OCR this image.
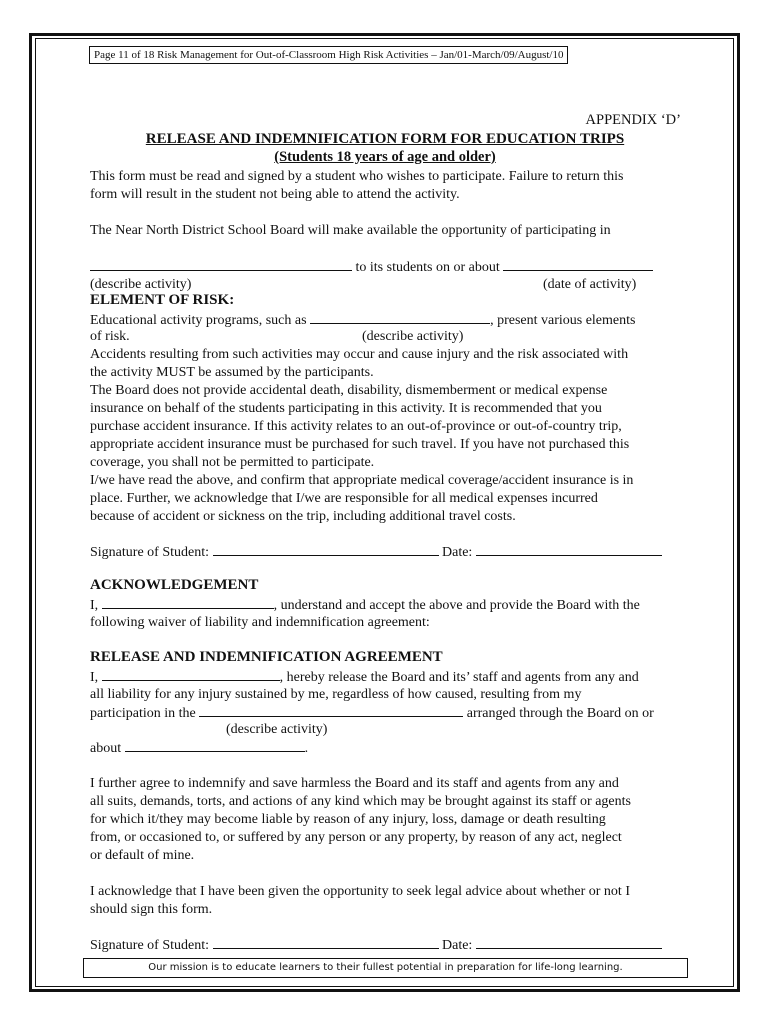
Page 11 of 18 Risk Management for Out-of-Classroom High Risk Activities – Jan/01-March/09/August/10
APPENDIX ‘D’
RELEASE AND INDEMNIFICATION FORM FOR EDUCATION TRIPS
(Students 18 years of age and older)
This form must be read and signed by a student who wishes to participate. Failure to return this
form will result in the student not being able to attend the activity.
The Near North District School Board will make available the opportunity of participating in
to its students on or about
(describe activity)	(date of activity)
ELEMENT OF RISK:
Educational activity programs, such as	, present various elements
of risk.	(describe activity)
Accidents resulting from such activities may occur and cause injury and the risk associated with
the activity MUST be assumed by the participants.
The Board does not provide accidental death, disability, dismemberment or medical expense
insurance on behalf of the students participating in this activity. It is recommended that you
purchase accident insurance. If this activity relates to an out-of-province or out-of-country trip,
appropriate accident insurance must be purchased for such travel. If you have not purchased this
coverage, you shall not be permitted to participate.
I/we have read the above, and confirm that appropriate medical coverage/accident insurance is in
place. Further, we acknowledge that I/we are responsible for all medical expenses incurred
because of accident or sickness on the trip, including additional travel costs.
Signature of Student:	Date:
ACKNOWLEDGEMENT
I,	, understand and accept the above and provide the Board with the
following waiver of liability and indemnification agreement:
RELEASE AND INDEMNIFICATION AGREEMENT
I,	, hereby release the Board and its’ staff and agents from any and
all liability for any injury sustained by me, regardless of how caused, resulting from my
participation in the	arranged through the Board on or
(describe activity)
about	.
I further agree to indemnify and save harmless the Board and its staff and agents from any and
all suits, demands, torts, and actions of any kind which may be brought against its staff or agents
for which it/they may become liable by reason of any injury, loss, damage or death resulting
from, or occasioned to, or suffered by any person or any property, by reason of any act, neglect
or default of mine.
I acknowledge that I have been given the opportunity to seek legal advice about whether or not I
should sign this form.
Signature of Student:	Date:
Our mission is to educate learners to their fullest potential in preparation for life-long learning.
